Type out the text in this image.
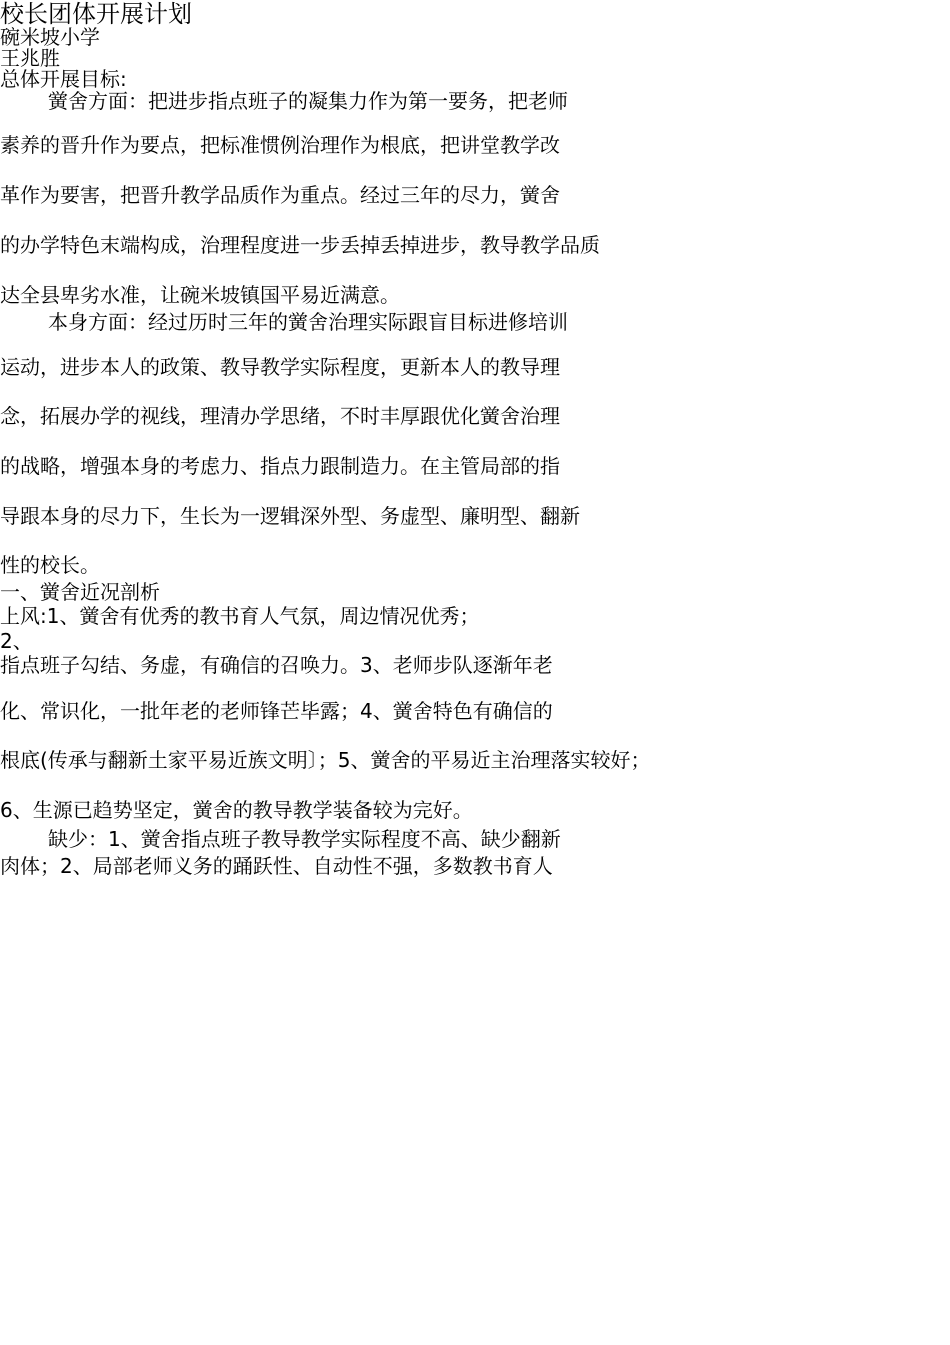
校长团体开展计划

碗米坡小学

王兆胜

总体开展目标:

黉舍方面：把进步指点班子的凝集力作为第一要务，把老师

素养的晋升作为要点，把标准惯例治理作为根底，把讲堂教学改

革作为要害，把晋升教学品质作为重点。经过三年的尽力，黉舍

的办学特色末端构成，治理程度进一步丢掉丢掉进步，教导教学品质

达全县卑劣水准，让碗米坡镇国平易近满意。

本身方面：经过历时三年的黉舍治理实际跟盲目标进修培训

运动，进步本人的政策、教导教学实际程度，更新本人的教导理

念，拓展办学的视线，理清办学思绪，不时丰厚跟优化黉舍治理

的战略，增强本身的考虑力、指点力跟制造力。在主管局部的指

导跟本身的尽力下，生长为一逻辑深外型、务虚型、廉明型、翻新

性的校长。

一、黉舍近况剖析

上风:1、黉舍有优秀的教书育人气氛，周边情况优秀；

2、

指点班子勾结、务虚，有确信的召唤力。3、老师步队逐渐年老

化、常识化，一批年老的老师锋芒毕露；4、黉舍特色有确信的

根底(传承与翻新土家平易近族文明〕；5、黉舍的平易近主治理落实较好；

6、生源已趋势坚定，黉舍的教导教学装备较为完好。

缺少：1、黉舍指点班子教导教学实际程度不高、缺少翻新

肉体；2、局部老师义务的踊跃性、自动性不强，多数教书育人
